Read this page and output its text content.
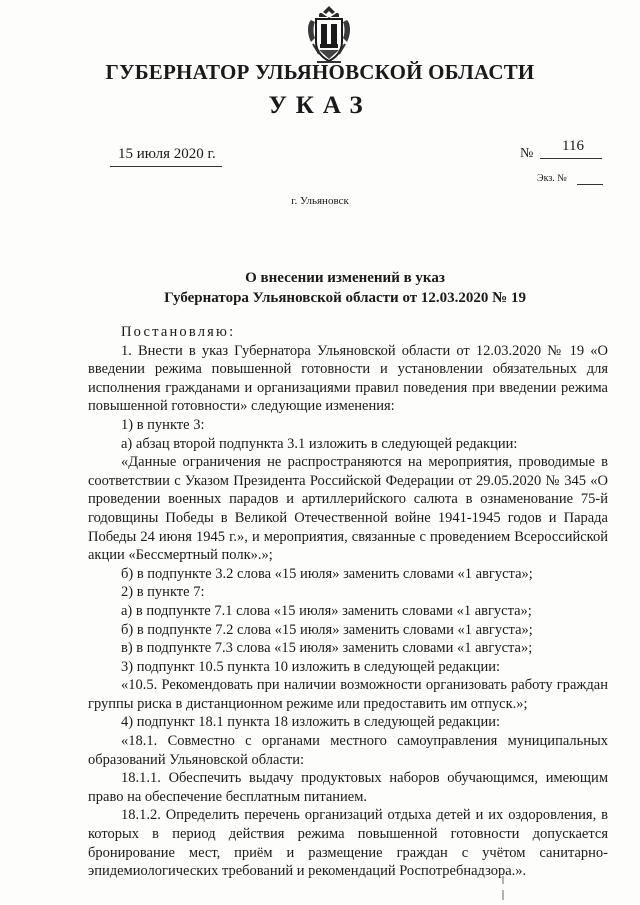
ГУБЕРНАТОР УЛЬЯНОВСКОЙ ОБЛАСТИ
УКАЗ
15 июля 2020 г.	№ 116
Экз. №
г. Ульяновск
О внесении изменений в указ
Губернатора Ульяновской области от 12.03.2020 № 19

Постановляю:

1. Внести в указ Губернатора Ульяновской области от 12.03.2020 № 19 «О введении режима повышенной готовности и установлении обязательных для исполнения гражданами и организациями правил поведения при введении режима повышенной готовности» следующие изменения:

1) в пункте 3:

а) абзац второй подпункта 3.1 изложить в следующей редакции:

«Данные ограничения не распространяются на мероприятия, проводимые в соответствии с Указом Президента Российской Федерации от 29.05.2020 № 345 «О проведении военных парадов и артиллерийского салюта в ознаменование 75-й годовщины Победы в Великой Отечественной войне 1941-1945 годов и Парада Победы 24 июня 1945 г.», и мероприятия, связанные с проведением Всероссийской акции «Бессмертный полк».»;

б) в подпункте 3.2 слова «15 июля» заменить словами «1 августа»;

2) в пункте 7:

а) в подпункте 7.1 слова «15 июля» заменить словами «1 августа»;

б) в подпункте 7.2 слова «15 июля» заменить словами «1 августа»;

в) в подпункте 7.3 слова «15 июля» заменить словами «1 августа»;

3) подпункт 10.5 пункта 10 изложить в следующей редакции:

«10.5. Рекомендовать при наличии возможности организовать работу граждан группы риска в дистанционном режиме или предоставить им отпуск.»;

4) подпункт 18.1 пункта 18 изложить в следующей редакции:

«18.1. Совместно с органами местного самоуправления муниципальных образований Ульяновской области:

18.1.1. Обеспечить выдачу продуктовых наборов обучающимся, имеющим право на обеспечение бесплатным питанием.

18.1.2. Определить перечень организаций отдыха детей и их оздоровления, в которых в период действия режима повышенной готовности допускается бронирование мест, приём и размещение граждан с учётом санитарно-эпидемиологических требований и рекомендаций Роспотребнадзора.».
